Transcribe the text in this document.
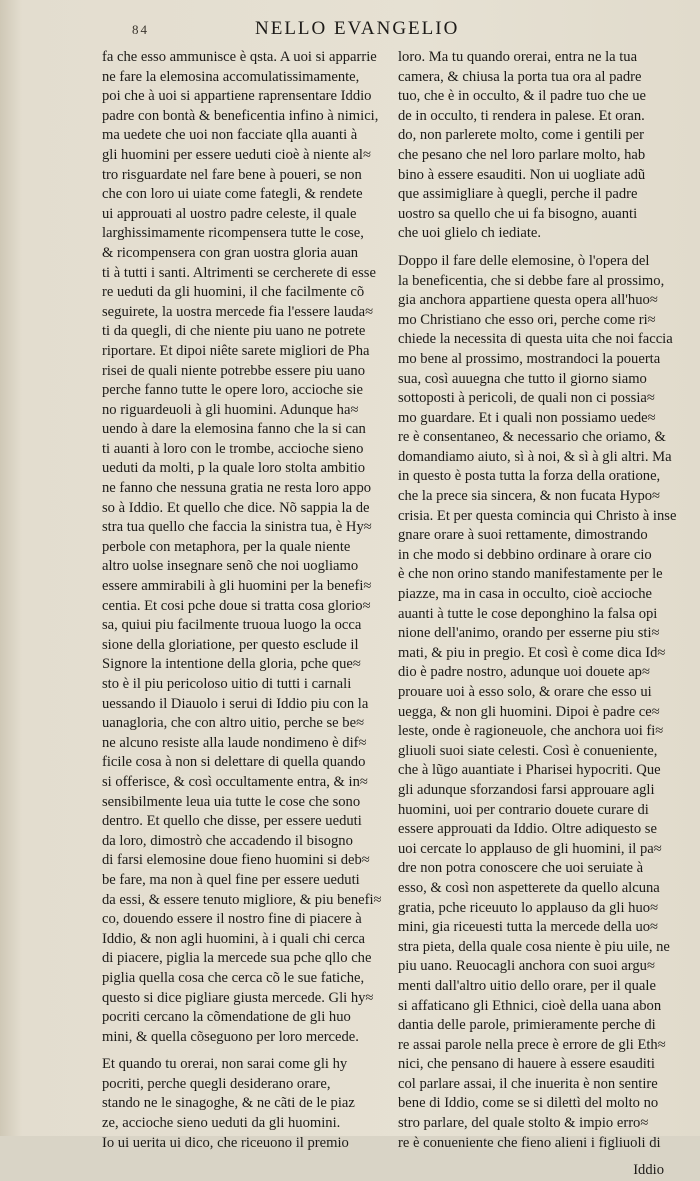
84	NELLO EVANGELIO

fa che esso ammunisce è qsta. A uoi si apparrie
ne fare la elemosina accomulatissimamente,
poi che à uoi si appartiene raprensentare Iddio
padre con bontà & beneficentia infino à nimici,
ma uedete che uoi non facciate qlla auanti à
gli huomini per essere ueduti cioè à niente al≈
tro risguardate nel fare bene à poueri, se non
che con loro ui uiate come fategli, & rendete
ui approuati al uostro padre celeste, il quale
larghissimamente ricompensera tutte le cose,
& ricompensera con gran uostra gloria auan
ti à tutti i santi. Altrimenti se cercherete di esse
re ueduti da gli huomini, il che facilmente cõ
seguirete, la uostra mercede fia l'essere lauda≈
ti da quegli, di che niente piu uano ne potrete
riportare. Et dipoi niête sarete migliori de Pha
risei de quali niente potrebbe essere piu uano
perche fanno tutte le opere loro, accioche sie
no riguardeuoli à gli huomini. Adunque ha≈
uendo à dare la elemosina fanno che la si can
ti auanti à loro con le trombe, accioche sieno
ueduti da molti, p la quale loro stolta ambitio
ne fanno che nessuna gratia ne resta loro appo
so à Iddio. Et quello che dice. Nõ sappia la de
stra tua quello che faccia la sinistra tua, è Hy≈
perbole con metaphora, per la quale niente
altro uolse insegnare senõ che noi uogliamo
essere ammirabili à gli huomini per la benefi≈
centia. Et cosi pche doue si tratta cosa glorio≈
sa, quiui piu facilmente truoua luogo la occa
sione della gloriatione, per questo esclude il
Signore la intentione della gloria, pche que≈
sto è il piu pericoloso uitio di tutti i carnali
uessando il Diauolo i serui di Iddio piu con la
uanagloria, che con altro uitio, perche se be≈
ne alcuno resiste alla laude nondimeno è dif≈
ficile cosa à non si delettare di quella quando
si offerisce, & così occultamente entra, & in≈
sensibilmente leua uia tutte le cose che sono
dentro. Et quello che disse, per essere ueduti
da loro, dimostrò che accadendo il bisogno
di farsi elemosine doue fieno huomini si deb≈
be fare, ma non à quel fine per essere ueduti
da essi, & essere tenuto migliore, & piu benefi≈
co, douendo essere il nostro fine di piacere à
Iddio, & non agli huomini, à i quali chi cerca
di piacere, piglia la mercede sua pche qllo che
piglia quella cosa che cerca cõ le sue fatiche,
questo si dice pigliare giusta mercede. Gli hy≈
pocriti cercano la cõmendatione de gli huo
mini, & quella cõseguono per loro mercede.

Et quando tu orerai, non sarai come gli hy
pocriti, perche quegli desiderano orare,
stando ne le sinagoghe, & ne cãti de le piaz
ze, accioche sieno ueduti da gli huomini.
Io ui uerita ui dico, che riceuono il premio

loro. Ma tu quando orerai, entra ne la tua
camera, & chiusa la porta tua ora al padre
tuo, che è in occulto, & il padre tuo che ue
de in occulto, ti rendera in palese. Et oran.
do, non parlerete molto, come i gentili per
che pesano che nel loro parlare molto, hab
bino à essere esauditi. Non ui uogliate adũ
que assimigliare à quegli, perche il padre
uostro sa quello che ui fa bisogno, auanti
che uoi glielo ch iediate.

Doppo il fare delle elemosine, ò l'opera del
la beneficentia, che si debbe fare al prossimo,
gia anchora appartiene questa opera all'huo≈
mo Christiano che esso ori, perche come ri≈
chiede la necessita di questa uita che noi faccia
mo bene al prossimo, mostrandoci la pouerta
sua, così auuegna che tutto il giorno siamo
sottoposti à pericoli, de quali non ci possia≈
mo guardare. Et i quali non possiamo uede≈
re è consentaneo, & necessario che oriamo, &
domandiamo aiuto, sì à noi, & sì à gli altri. Ma
in questo è posta tutta la forza della oratione,
che la prece sia sincera, & non fucata Hypo≈
crisia. Et per questa comincia qui Christo à inse
gnare orare à suoi rettamente, dimostrando
in che modo si debbino ordinare à orare cio
è che non orino stando manifestamente per le
piazze, ma in casa in occulto, cioè accioche
auanti à tutte le cose deponghino la falsa opi
nione dell'animo, orando per esserne piu sti≈
mati, & piu in pregio. Et così è come dica Id≈
dio è padre nostro, adunque uoi douete ap≈
prouare uoi à esso solo, & orare che esso ui
uegga, & non gli huomini. Dipoi è padre ce≈
leste, onde è ragioneuole, che anchora uoi fi≈
gliuoli suoi siate celesti. Così è conueniente,
che à lũgo auantiate i Pharisei hypocriti. Que
gli adunque sforzandosi farsi approuare agli
huomini, uoi per contrario douete curare di
essere approuati da Iddio. Oltre adiquesto se
uoi cercate lo applauso de gli huomini, il pa≈
dre non potra conoscere che uoi seruiate à
esso, & così non aspetterete da quello alcuna
gratia, pche riceuuto lo applauso da gli huo≈
mini, gia riceuesti tutta la mercede della uo≈
stra pieta, della quale cosa niente è piu uile, ne
piu uano. Reuocagli anchora con suoi argu≈
menti dall'altro uitio dello orare, per il quale
si affaticano gli Ethnici, cioè della uana abon
dantia delle parole, primieramente perche di
re assai parole nella prece è errore de gli Eth≈
nici, che pensano di hauere à essere esauditi
col parlare assai, il che inuerita è non sentire
bene di Iddio, come se si dilettì del molto no
stro parlare, del quale stolto & impio erro≈
re è conueniente che fieno alieni i figliuoli di

Iddio
